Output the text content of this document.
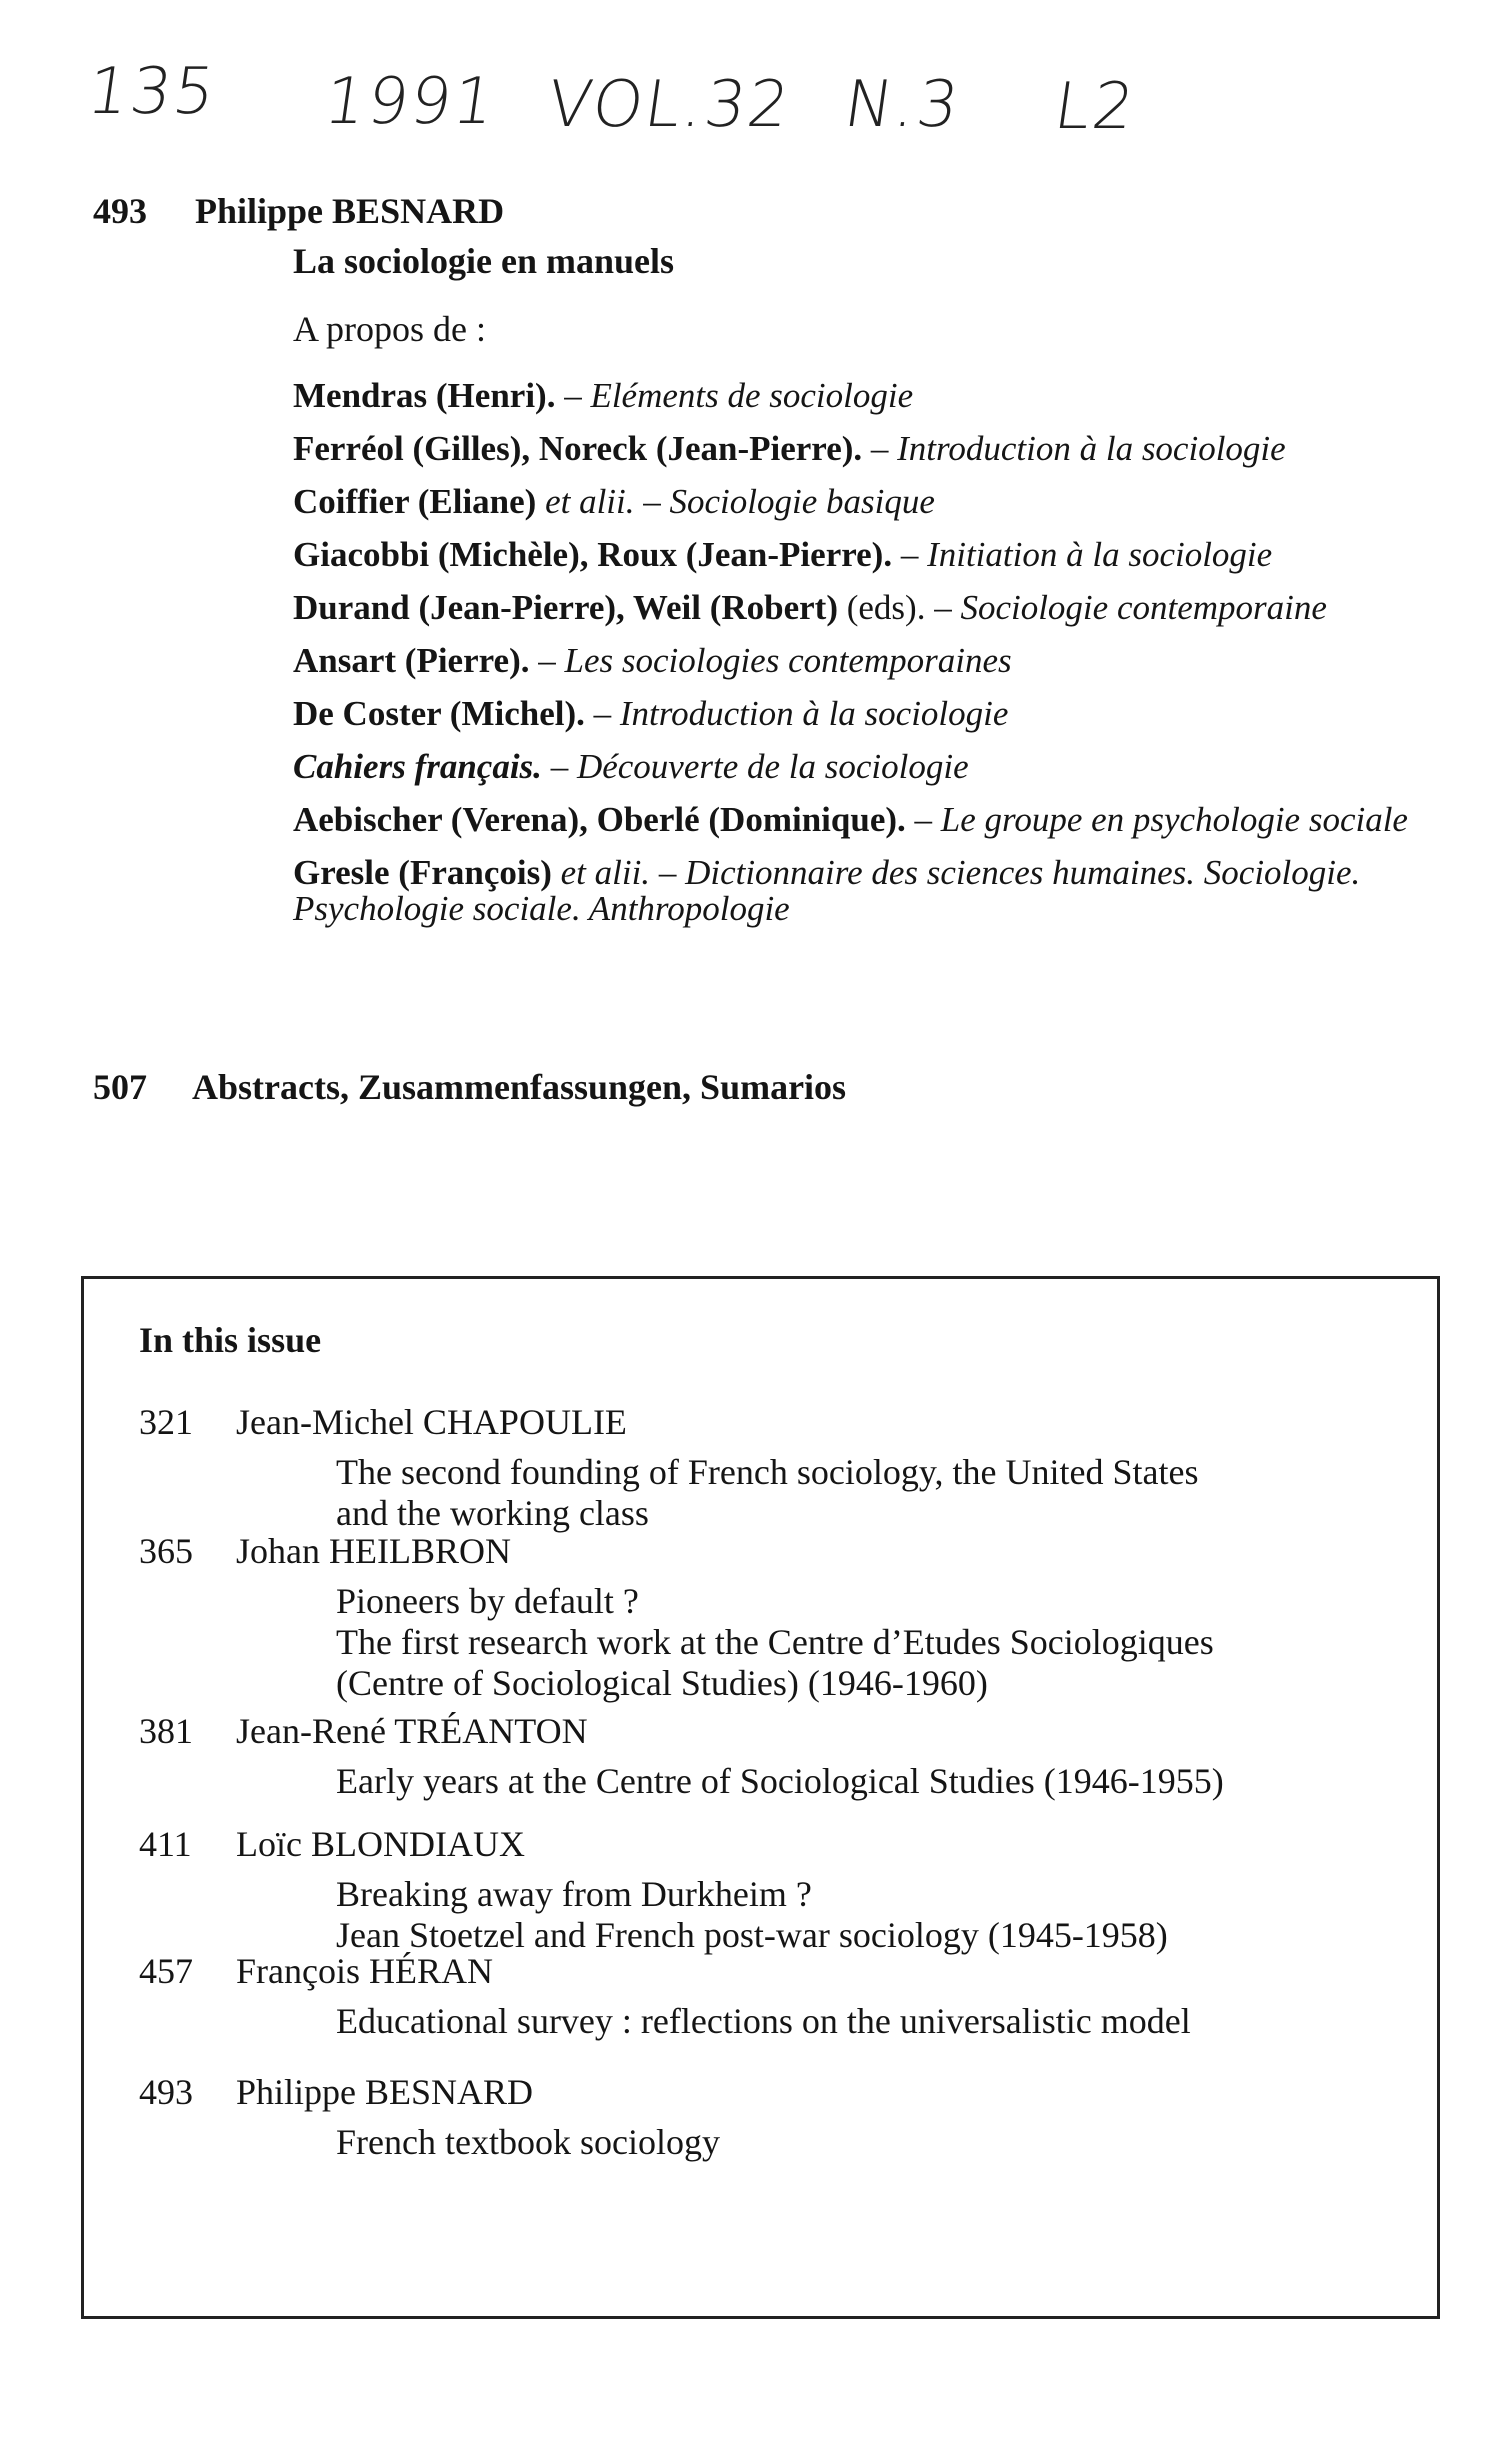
135 1991 VOL.32 N.3 L2
493 Philippe BESNARD
La sociologie en manuels
A propos de :
Mendras (Henri). – Eléments de sociologie
Ferréol (Gilles), Noreck (Jean-Pierre). – Introduction à la sociologie
Coiffier (Eliane) et alii. – Sociologie basique
Giacobbi (Michèle), Roux (Jean-Pierre). – Initiation à la sociologie
Durand (Jean-Pierre), Weil (Robert) (eds). – Sociologie contemporaine
Ansart (Pierre). – Les sociologies contemporaines
De Coster (Michel). – Introduction à la sociologie
Cahiers français. – Découverte de la sociologie
Aebischer (Verena), Oberlé (Dominique). – Le groupe en psychologie sociale
Gresle (François) et alii. – Dictionnaire des sciences humaines. Sociologie. Psychologie sociale. Anthropologie
507 Abstracts, Zusammenfassungen, Sumarios
In this issue
321	Jean-Michel CHAPOULIE
The second founding of French sociology, the United States
and the working class
365	Johan HEILBRON
Pioneers by default ?
The first research work at the Centre d’Etudes Sociologiques
(Centre of Sociological Studies) (1946-1960)
381	Jean-René TRÉANTON
Early years at the Centre of Sociological Studies (1946-1955)
411	Loïc BLONDIAUX
Breaking away from Durkheim ?
Jean Stoetzel and French post-war sociology (1945-1958)
457	François HÉRAN
Educational survey : reflections on the universalistic model
493	Philippe BESNARD
French textbook sociology
